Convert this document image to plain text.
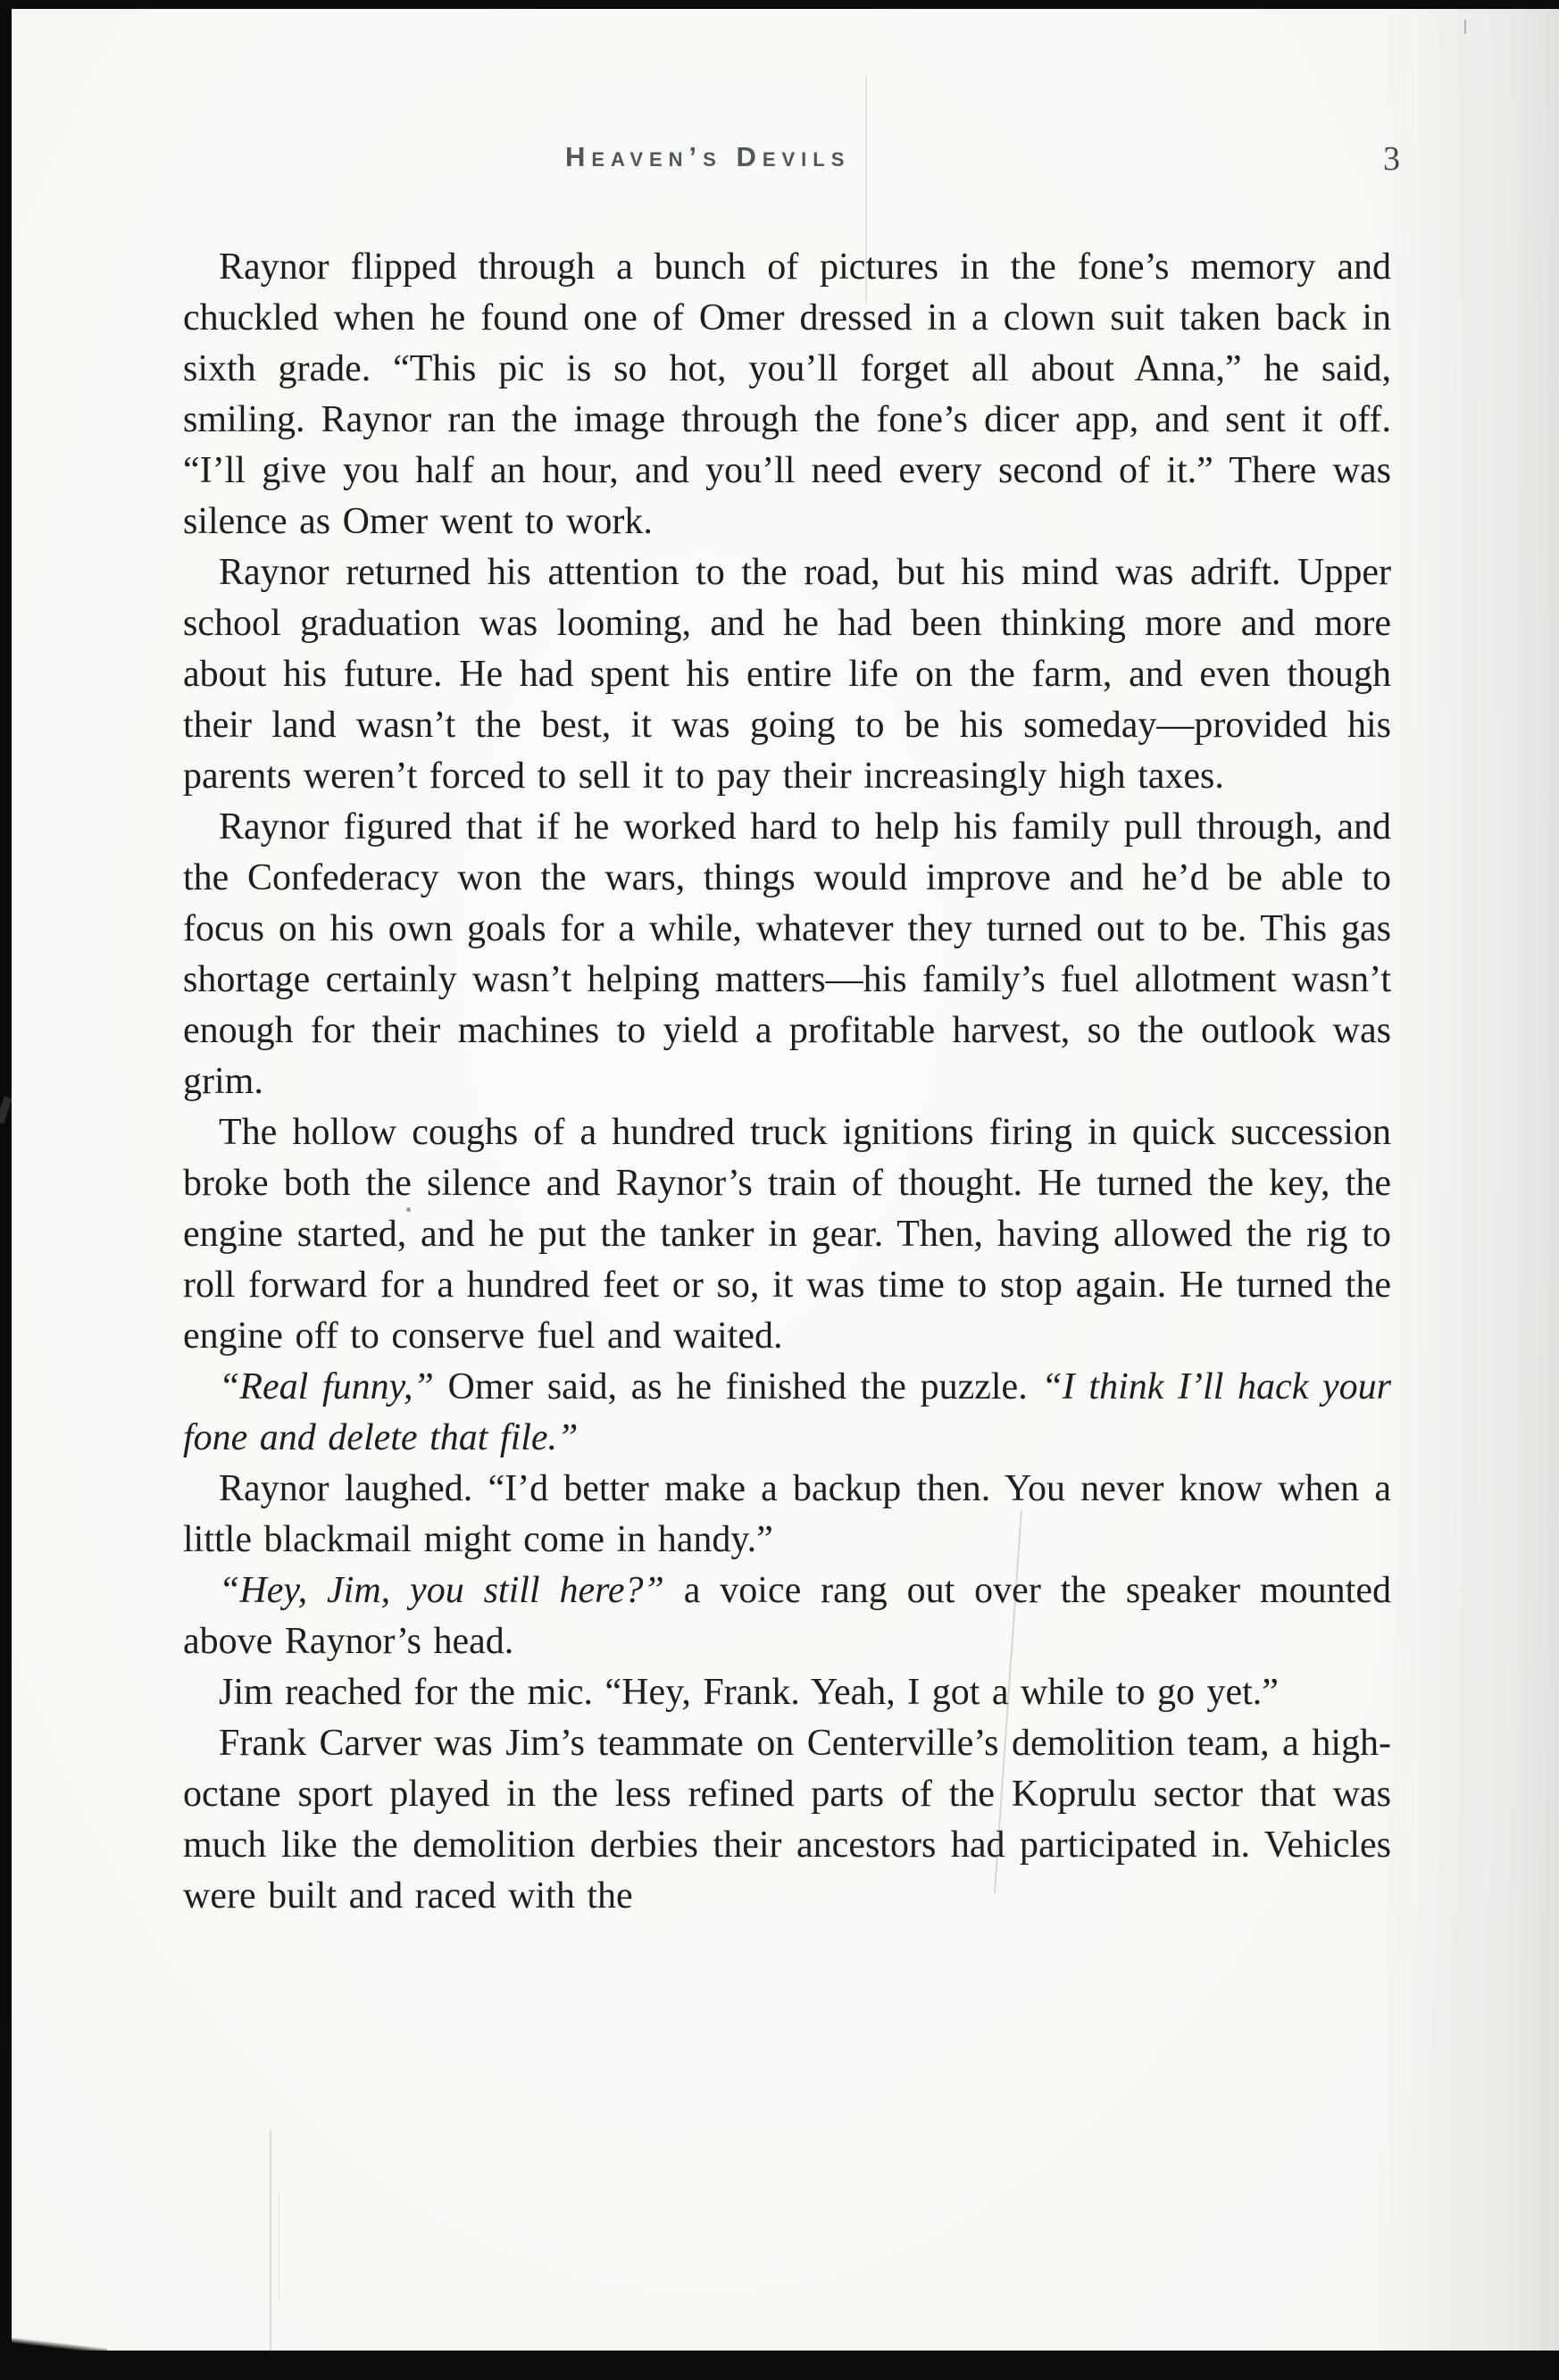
Heaven’s Devils	3

Raynor flipped through a bunch of pictures in the fone’s memory and chuckled when he found one of Omer dressed in a clown suit taken back in sixth grade. “This pic is so hot, you’ll forget all about Anna,” he said, smiling. Raynor ran the image through the fone’s dicer app, and sent it off. “I’ll give you half an hour, and you’ll need every second of it.” There was silence as Omer went to work.

Raynor returned his attention to the road, but his mind was adrift. Upper school graduation was looming, and he had been thinking more and more about his future. He had spent his entire life on the farm, and even though their land wasn’t the best, it was going to be his someday—provided his parents weren’t forced to sell it to pay their increasingly high taxes.

Raynor figured that if he worked hard to help his family pull through, and the Confederacy won the wars, things would improve and he’d be able to focus on his own goals for a while, whatever they turned out to be. This gas shortage certainly wasn’t helping matters—his family’s fuel allotment wasn’t enough for their machines to yield a profitable harvest, so the outlook was grim.

The hollow coughs of a hundred truck ignitions firing in quick succession broke both the silence and Raynor’s train of thought. He turned the key, the engine started, and he put the tanker in gear. Then, having allowed the rig to roll forward for a hundred feet or so, it was time to stop again. He turned the engine off to conserve fuel and waited.

“Real funny,” Omer said, as he finished the puzzle. “I think I’ll hack your fone and delete that file.”

Raynor laughed. “I’d better make a backup then. You never know when a little blackmail might come in handy.”

“Hey, Jim, you still here?” a voice rang out over the speaker mounted above Raynor’s head.

Jim reached for the mic. “Hey, Frank. Yeah, I got a while to go yet.”

Frank Carver was Jim’s teammate on Centerville’s demolition team, a high-octane sport played in the less refined parts of the Koprulu sector that was much like the demolition derbies their ancestors had participated in. Vehicles were built and raced with the
